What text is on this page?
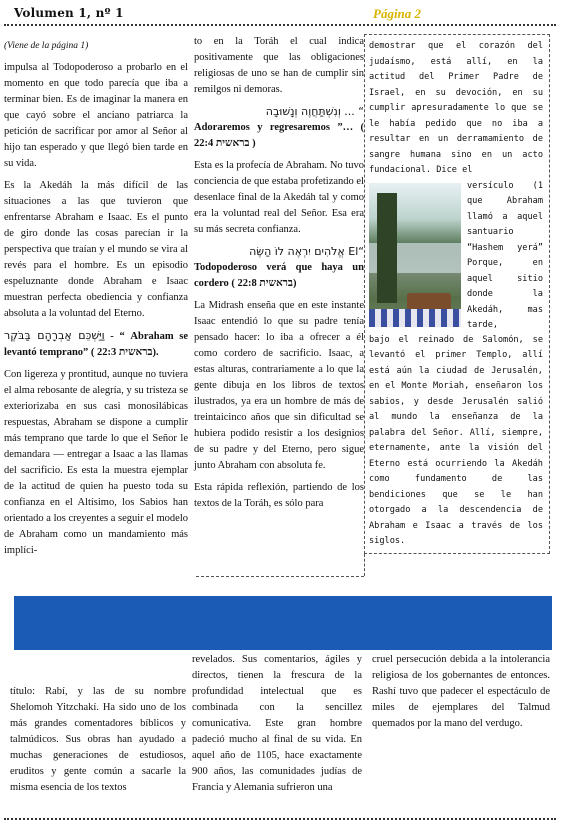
Volumen 1, nº 1	Página 2

(Viene de la página 1)

impulsa al Todopoderoso a probarlo en el momento en que todo parecía que iba a terminar bien. Es de imaginar la manera en que cayó sobre el anciano patriarca la petición de sacrificar por amor al Señor al hijo tan esperado y que llegó bien tarde en su vida.

Es la Akedáh la más difícil de las situaciones a las que tuvieron que enfrentarse Abraham e Isaac. Es el punto de giro donde las cosas parecían ir la perspectiva que traían y el mundo se vira al revés para el hombre. Es un episodio espeluznante donde Abraham e Isaac muestran perfecta obediencia y confianza absoluta a la voluntad del Eterno.

וַיַּשְׁכֵּם אַבְרָהָם בַּבֹּקֶר - “ Abraham se levantó temprano” ( בראשית 22:3).

Con ligereza y prontitud, aunque no tuviera el alma rebosante de alegría, y su tristeza se exteriorizaba en sus casi monosilábicas respuestas, Abraham se dispone a cumplir más temprano que tarde lo que el Señor le demandara — entregar a Isaac a las llamas del sacrificio. Es esta la muestra ejemplar de la actitud de quien ha puesto toda su confianza en el Altísimo, los Sabios han orientado a los creyentes a seguir el modelo de Abraham como un mandamiento más implíci-

to en la Toráh el cual indica positivamente que las obligaciones religiosas de uno se han de cumplir sin remilgos ni demoras.

“ ... וְנִשְׁתַּחֲוֶה וְנָשׁוּבָה
Adoraremos y regresaremos ”… ( בראשית 22:4 )

Esta es la profecía de Abraham. No tuvo conciencia de que estaba profetizando el desenlace final de la Akedáh tal y como era la voluntad real del Señor. Esa era su más secreta confianza.

“El אֱלֹהִים יִרְאֶה לוֹ הַשֶּׂה
Todopoderoso verá que haya un cordero ( בראשית 22:8)

La Midrash enseña que en este instante Isaac entendió lo que su padre tenía pensado hacer: lo iba a ofrecer a él como cordero de sacrificio. Isaac, a estas alturas, contrariamente a lo que la gente dibuja en los libros de textos ilustrados, ya era un hombre de más de treintaicinco años que sin dificultad se hubiera podido resistir a los designios de su padre y del Eterno, pero sigue junto Abraham con absoluta fe.

Esta rápida reflexión, partiendo de los textos de la Toráh, es sólo para

demostrar que el corazón del judaísmo, está allí, en la actitud del Primer Padre de Israel, en su devoción, en su cumplir apresuradamente lo que se le había pedido que no iba a resultar en un derramamiento de sangre humana sino en un acto fundacional. Dice el
versículo (1 que Abraham llamó a aquel santuario “Hashem yerá” Porque, en aquel sitio donde la Akedáh, mas tarde,
bajo el reinado de Salomón, se levantó el primer Templo, allí está aún la ciudad de Jerusalén, en el Monte Moriah, enseñaron los sabios, y desde Jerusalén salió al mundo la enseñanza de la palabra del Señor. Allí, siempre, eternamente, ante la visión del Eterno está ocurriendo la Akedáh como fundamento de las bendiciones que se le han otorgado a la descendencia de Abraham e Isaac a través de los siglos.
título: Rabí, y las de su nombre Shelomoh Yitzchakí. Ha sido uno de los más grandes comentadores bíblicos y talmúdicos. Sus obras han ayudado a muchas generaciones de estudiosos, eruditos y gente común a sacarle la misma esencia de los textos
revelados. Sus comentarios, ágiles y directos, tienen la frescura de la profundidad intelectual que es combinada con la sencillez comunicativa. Este gran hombre padeció mucho al final de su vida. En aquel año de 1105, hace exactamente 900 años, las comunidades judías de Francia y Alemania sufrieron una
cruel persecución debida a la intolerancia religiosa de los gobernantes de entonces. Rashí tuvo que padecer el espectáculo de miles de ejemplares del Talmud quemados por la mano del verdugo.
